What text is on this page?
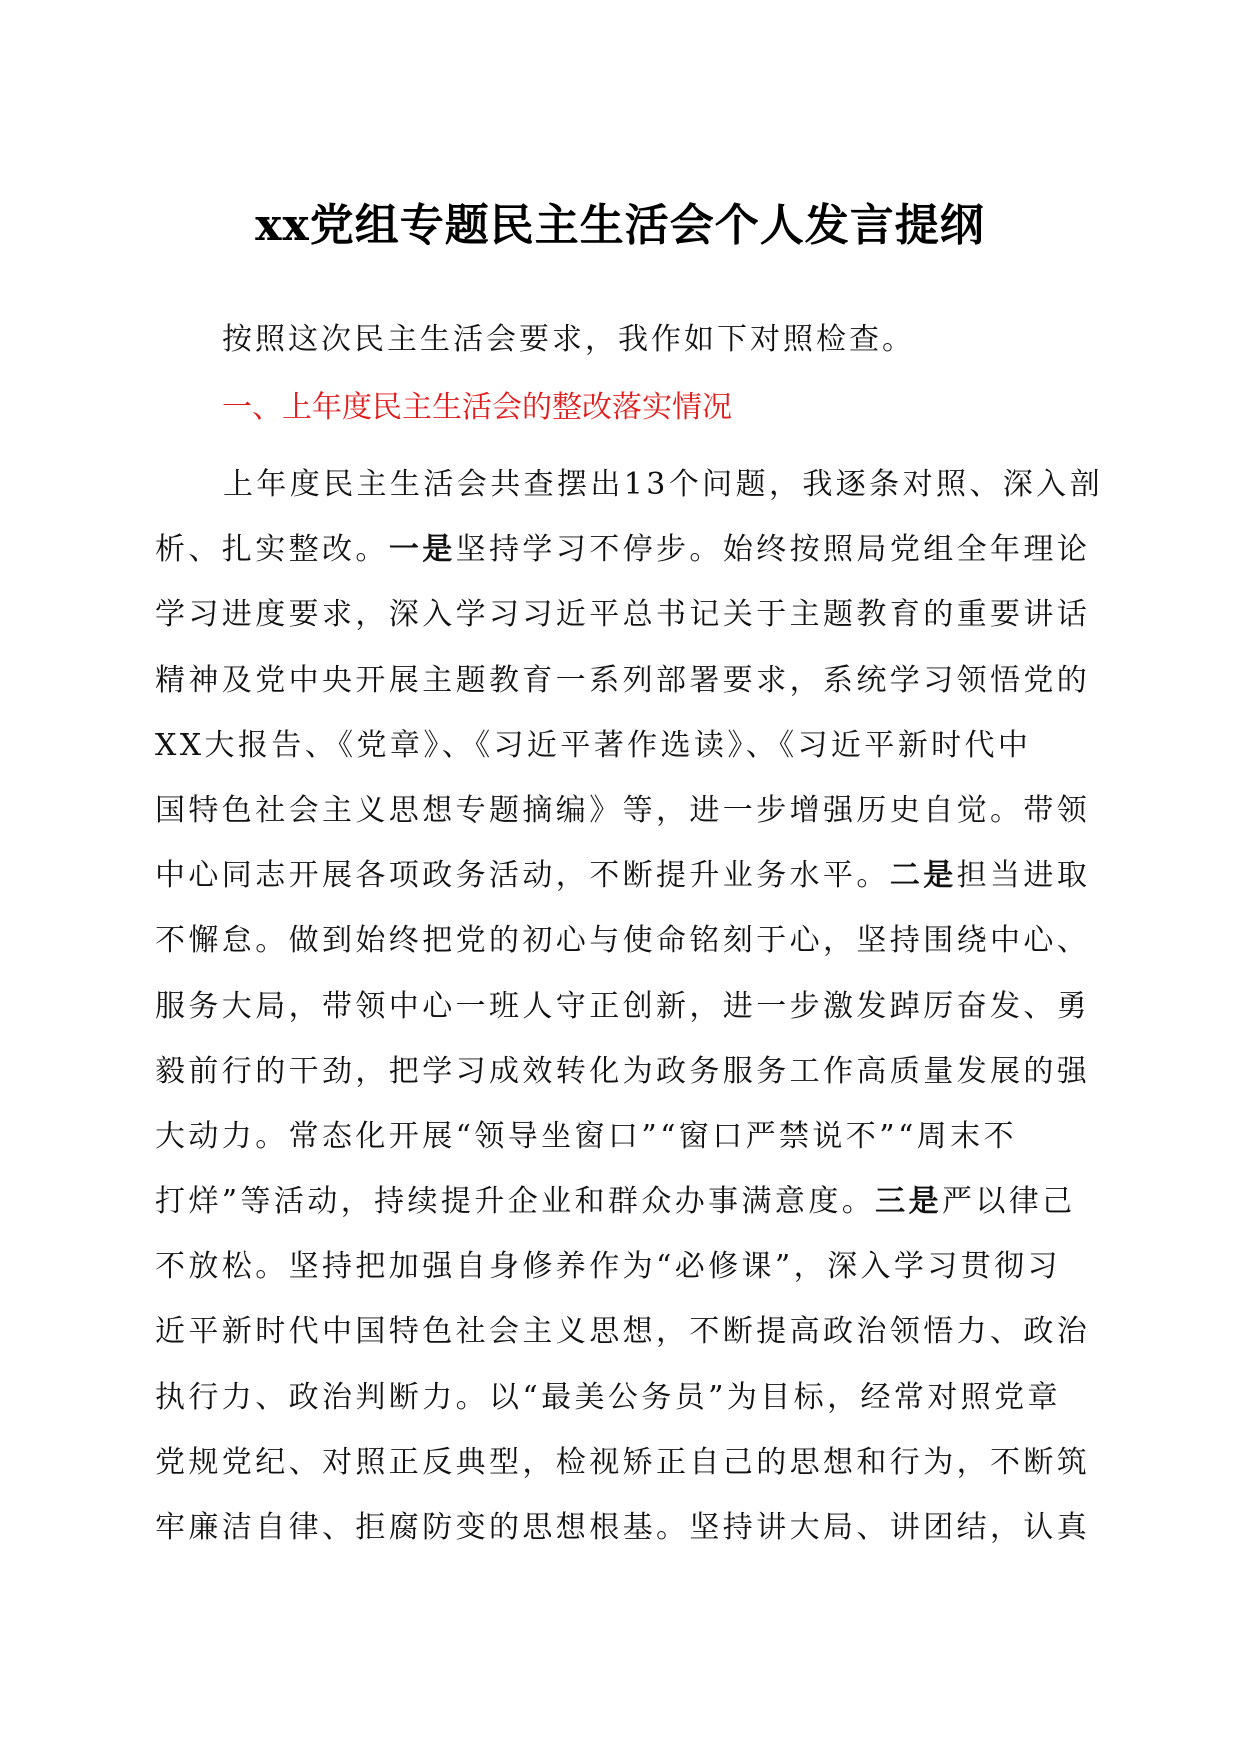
xx党组专题民主生活会个人发言提纲
按照这次民主生活会要求，我作如下对照检查。
一、上年度民主生活会的整改落实情况
上年度民主生活会共查摆出13个问题，我逐条对照、深入剖
析、扎实整改。一是坚持学习不停步。始终按照局党组全年理论
学习进度要求，深入学习习近平总书记关于主题教育的重要讲话
精神及党中央开展主题教育一系列部署要求，系统学习领悟党的
XX大报告、《党章》、《习近平著作选读》、《习近平新时代中
国特色社会主义思想专题摘编》等，进一步增强历史自觉。带领
中心同志开展各项政务活动，不断提升业务水平。二是担当进取
不懈怠。做到始终把党的初心与使命铭刻于心，坚持围绕中心、
服务大局，带领中心一班人守正创新，进一步激发踔厉奋发、勇
毅前行的干劲，把学习成效转化为政务服务工作高质量发展的强
大动力。常态化开展“领导坐窗口”“窗口严禁说不”“周末不
打烊”等活动，持续提升企业和群众办事满意度。三是严以律己
不放松。坚持把加强自身修养作为“必修课”，深入学习贯彻习
近平新时代中国特色社会主义思想，不断提高政治领悟力、政治
执行力、政治判断力。以“最美公务员”为目标，经常对照党章
党规党纪、对照正反典型，检视矫正自己的思想和行为，不断筑
牢廉洁自律、拒腐防变的思想根基。坚持讲大局、讲团结，认真
